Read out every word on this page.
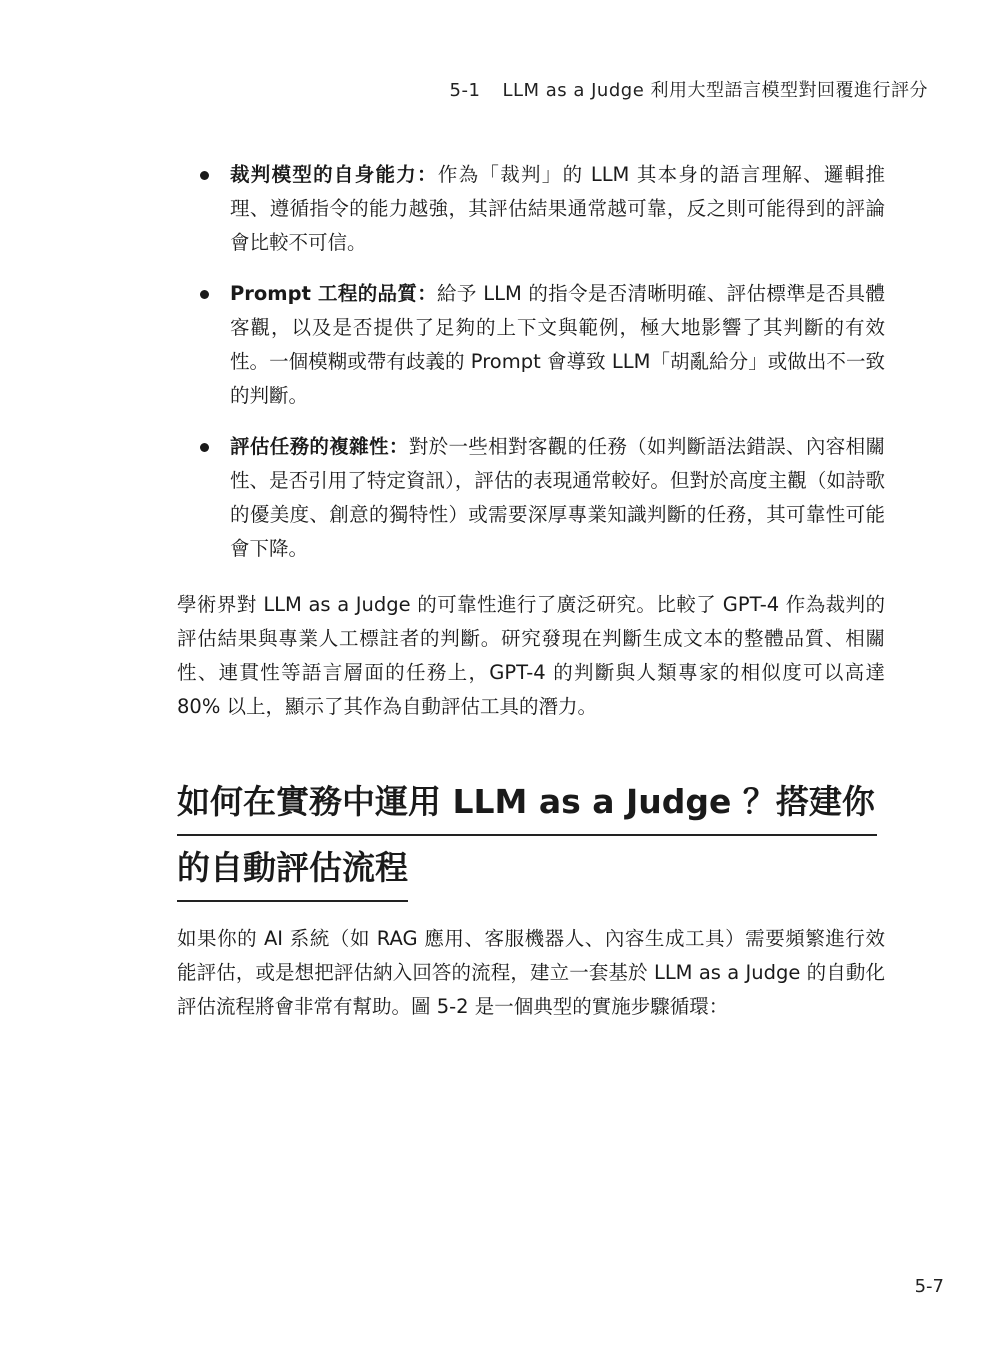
5-1 LLM as a Judge 利用大型語言模型對回覆進行評分
裁判模型的自身能力：作為「裁判」的 LLM 其本身的語言理解、邏輯推理、遵循指令的能力越強，其評估結果通常越可靠，反之則可能得到的評論會比較不可信。
Prompt 工程的品質：給予 LLM 的指令是否清晰明確、評估標準是否具體客觀，以及是否提供了足夠的上下文與範例，極大地影響了其判斷的有效性。一個模糊或帶有歧義的 Prompt 會導致 LLM「胡亂給分」或做出不一致的判斷。
評估任務的複雜性：對於一些相對客觀的任務（如判斷語法錯誤、內容相關性、是否引用了特定資訊），評估的表現通常較好。但對於高度主觀（如詩歌的優美度、創意的獨特性）或需要深厚專業知識判斷的任務，其可靠性可能會下降。

學術界對 LLM as a Judge 的可靠性進行了廣泛研究。比較了 GPT-4 作為裁判的評估結果與專業人工標註者的判斷。研究發現在判斷生成文本的整體品質、相關性、連貫性等語言層面的任務上，GPT-4 的判斷與人類專家的相似度可以高達 80% 以上，顯示了其作為自動評估工具的潛力。

如何在實務中運用 LLM as a Judge ？搭建你
的自動評估流程

如果你的 AI 系統（如 RAG 應用、客服機器人、內容生成工具）需要頻繁進行效能評估，或是想把評估納入回答的流程，建立一套基於 LLM as a Judge 的自動化評估流程將會非常有幫助。圖 5-2 是一個典型的實施步驟循環：

5-7
